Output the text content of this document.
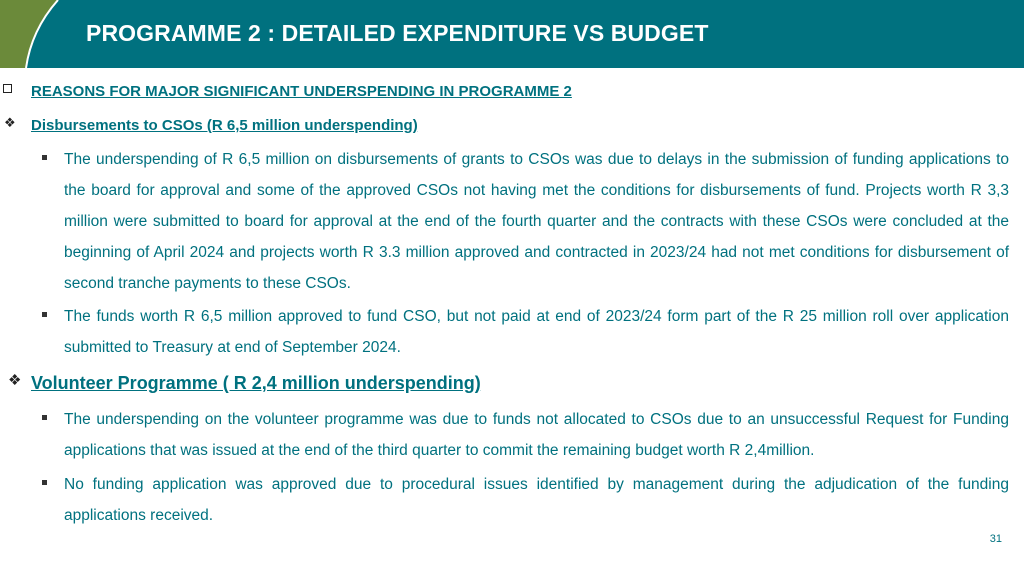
PROGRAMME 2 : DETAILED EXPENDITURE VS BUDGET
REASONS FOR MAJOR SIGNIFICANT UNDERSPENDING IN PROGRAMME 2
❖ Disbursements to CSOs (R 6,5 million underspending)
The underspending of R 6,5 million on disbursements of grants to CSOs was due to delays in the submission of funding applications to the board for approval and some of the approved CSOs not having met the conditions for disbursements of fund. Projects worth R 3,3 million were submitted to board for approval at the end of the fourth quarter and the contracts with these CSOs were concluded at the beginning of April 2024 and projects worth R 3.3 million approved and contracted in 2023/24 had not met conditions for disbursement of second tranche payments to these CSOs.
The funds worth R 6,5 million approved to fund CSO, but not paid at end of 2023/24 form part of the R 25 million roll over application submitted to Treasury at end of September 2024.
❖ Volunteer Programme ( R 2,4 million underspending)
The underspending on the volunteer programme was due to funds not allocated to CSOs due to an unsuccessful Request for Funding applications that was issued at the end of the third quarter to commit the remaining budget worth R 2,4million.
No funding application was approved due to procedural issues identified by management during the adjudication of the funding applications received.
31
